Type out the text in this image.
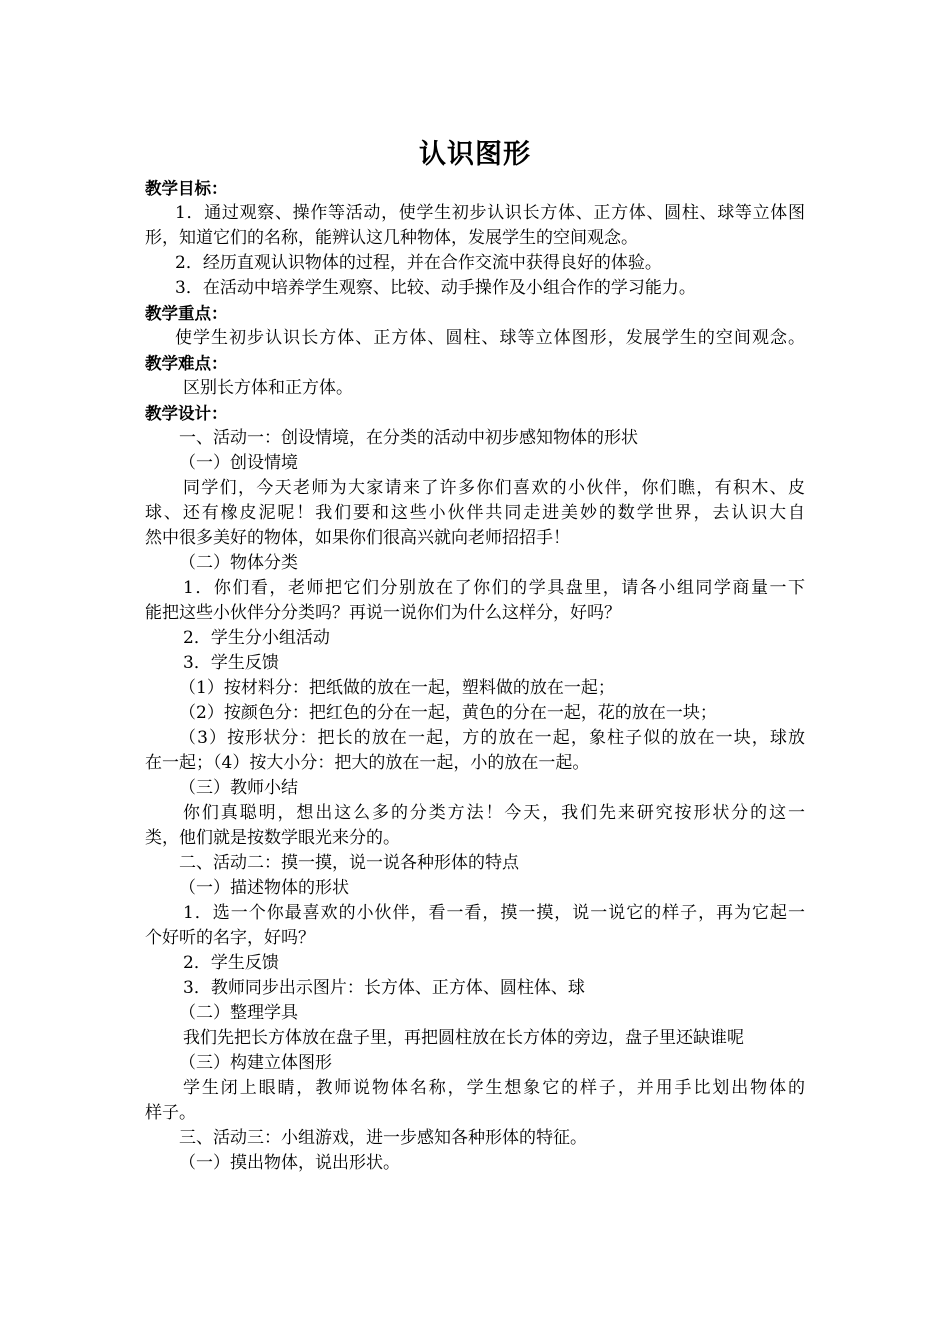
认识图形
教学目标：
1．通过观察、操作等活动，使学生初步认识长方体、正方体、圆柱、球等立体图
形，知道它们的名称，能辨认这几种物体，发展学生的空间观念。
2．经历直观认识物体的过程，并在合作交流中获得良好的体验。
3．在活动中培养学生观察、比较、动手操作及小组合作的学习能力。
教学重点：
使学生初步认识长方体、正方体、圆柱、球等立体图形，发展学生的空间观念。
教学难点：
区别长方体和正方体。
教学设计：
一、活动一：创设情境，在分类的活动中初步感知物体的形状
（一）创设情境
同学们，今天老师为大家请来了许多你们喜欢的小伙伴，你们瞧，有积木、皮
球、还有橡皮泥呢！我们要和这些小伙伴共同走进美妙的数学世界，去认识大自
然中很多美好的物体，如果你们很高兴就向老师招招手！
（二）物体分类
1．你们看，老师把它们分别放在了你们的学具盘里，请各小组同学商量一下
能把这些小伙伴分分类吗？再说一说你们为什么这样分，好吗？
2．学生分小组活动
3．学生反馈
（1）按材料分：把纸做的放在一起，塑料做的放在一起；
（2）按颜色分：把红色的分在一起，黄色的分在一起，花的放在一块；
（3）按形状分：把长的放在一起，方的放在一起，象柱子似的放在一块，球放
在一起；（4）按大小分：把大的放在一起，小的放在一起。
（三）教师小结
你们真聪明，想出这么多的分类方法！今天，我们先来研究按形状分的这一
类，他们就是按数学眼光来分的。
二、活动二：摸一摸，说一说各种形体的特点
（一）描述物体的形状
1．选一个你最喜欢的小伙伴，看一看，摸一摸，说一说它的样子，再为它起一
个好听的名字，好吗？
2．学生反馈
3．教师同步出示图片：长方体、正方体、圆柱体、球
（二）整理学具
我们先把长方体放在盘子里，再把圆柱放在长方体的旁边，盘子里还缺谁呢
（三）构建立体图形
学生闭上眼睛，教师说物体名称，学生想象它的样子，并用手比划出物体的
样子。
三、活动三：小组游戏，进一步感知各种形体的特征。
（一）摸出物体，说出形状。
